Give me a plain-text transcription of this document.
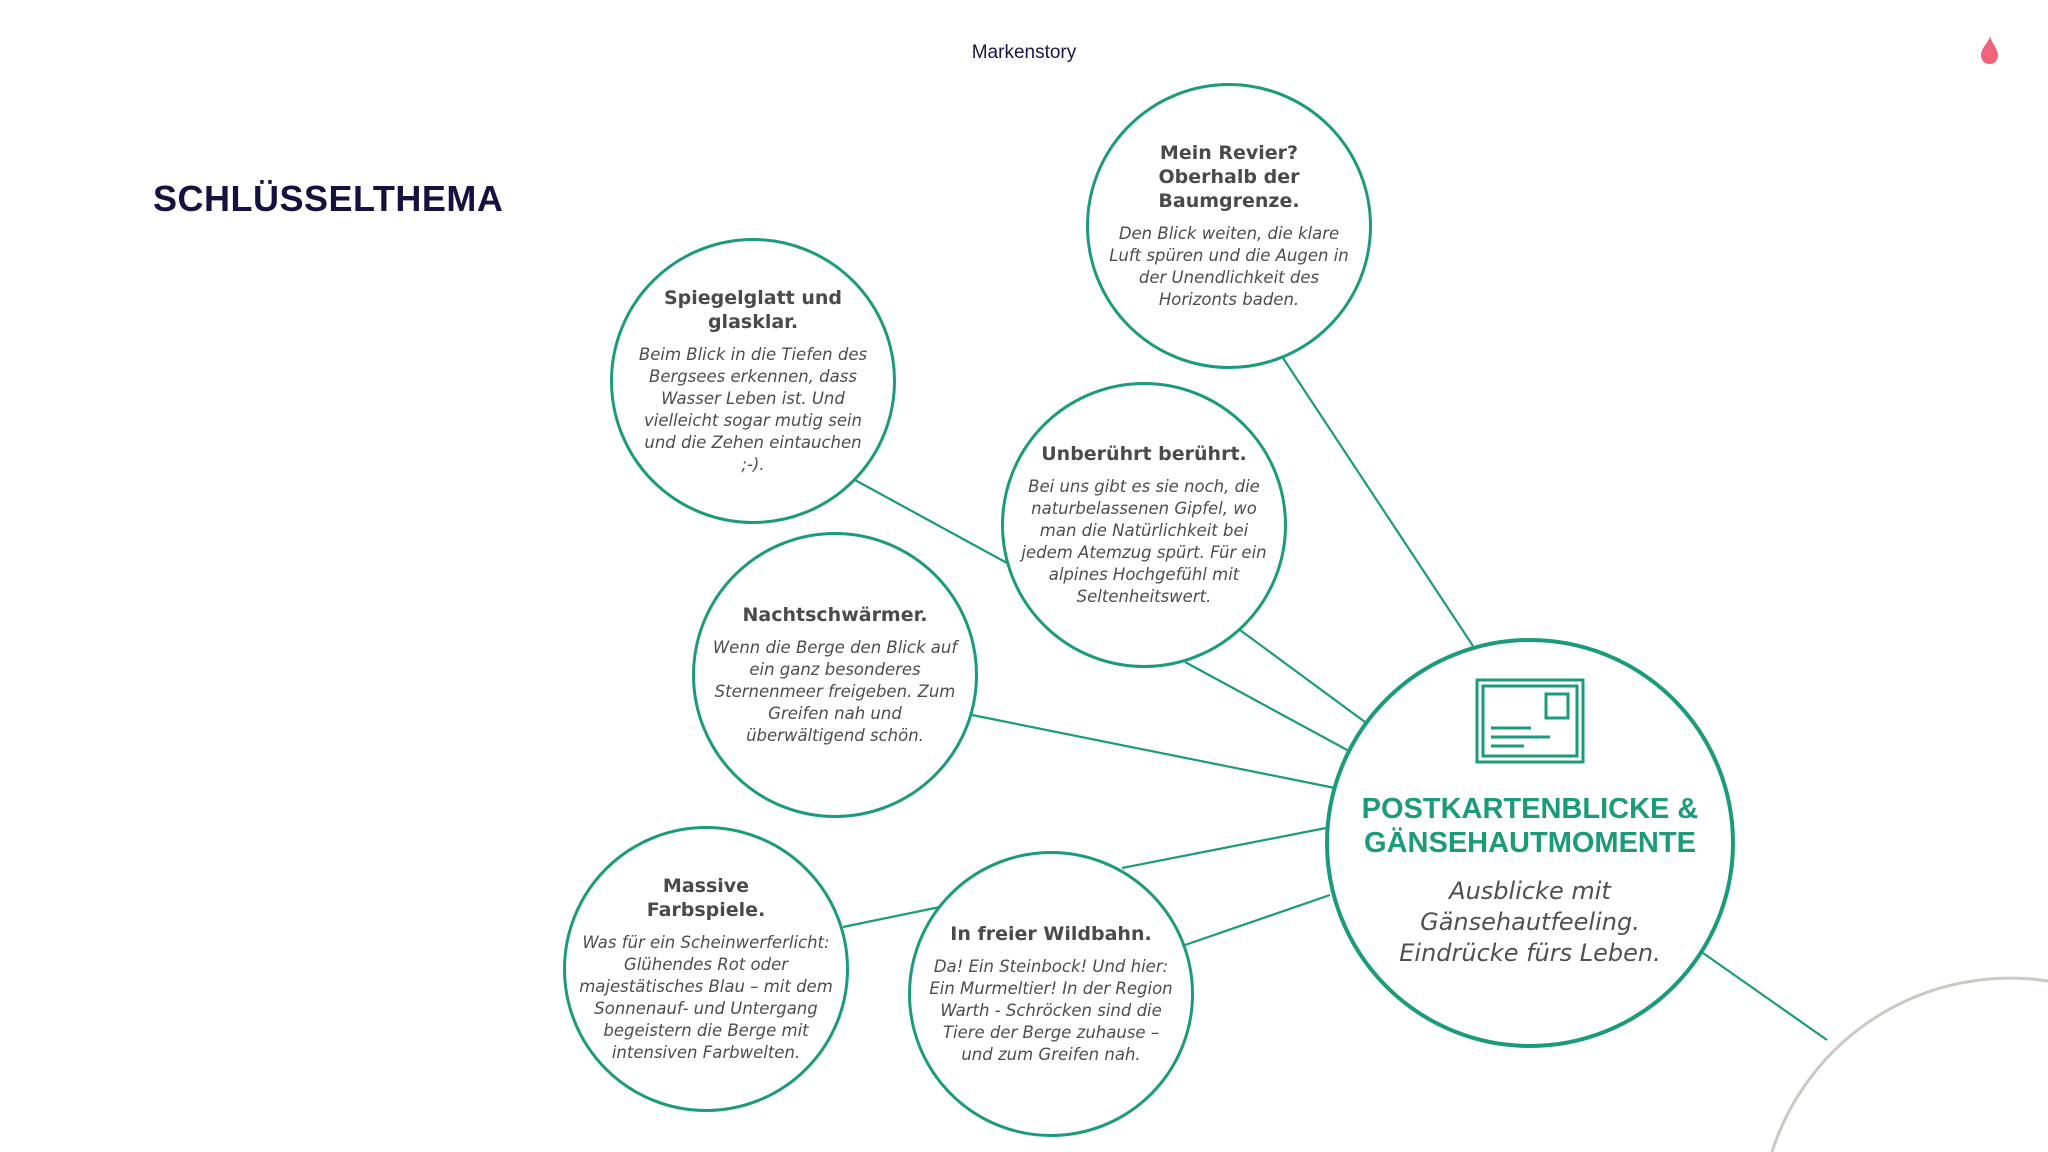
Markenstory
SCHLÜSSELTHEMA

Mein Revier? Oberhalb der Baumgrenze.

Den Blick weiten, die klare Luft spüren und die Augen in der Unendlichkeit des Horizonts baden.

Spiegelglatt und glasklar.

Beim Blick in die Tiefen des Bergsees erkennen, dass Wasser Leben ist. Und vielleicht sogar mutig sein und die Zehen eintauchen ;-).	Unberührt berührt.

Bei uns gibt es sie noch, die naturbelassenen Gipfel, wo man die Natürlichkeit bei jedem Atemzug spürt. Für ein alpines Hochgefühl mit Seltenheitswert.

Nachtschwärmer.

Wenn die Berge den Blick auf ein ganz besonderes Sternenmeer freigeben. Zum Greifen nah und überwältigend schön.

Massive Farbspiele.

Was für ein Scheinwerferlicht: Glühendes Rot oder majestätisches Blau – mit dem Sonnenauf- und Untergang begeistern die Berge mit intensiven Farbwelten.

In freier Wildbahn.

Da! Ein Steinbock! Und hier: Ein Murmeltier! In der Region Warth - Schröcken sind die Tiere der Berge zuhause – und zum Greifen nah.

POSTKARTENBLICKE &
GÄNSEHAUTMOMENTE

Ausblicke mit
Gänsehautfeeling.
Eindrücke fürs Leben.
